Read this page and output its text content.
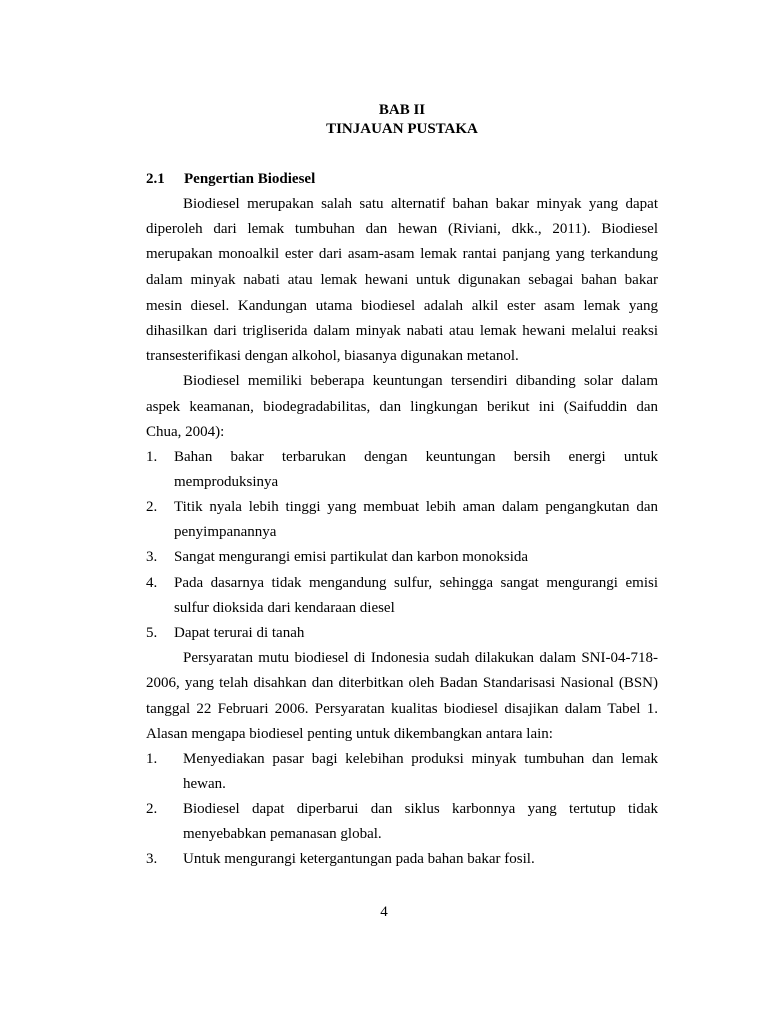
BAB II
TINJAUAN PUSTAKA
2.1 Pengertian Biodiesel
Biodiesel merupakan salah satu alternatif bahan bakar minyak yang dapat
diperoleh dari lemak tumbuhan dan hewan (Riviani, dkk., 2011). Biodiesel
merupakan monoalkil ester dari asam-asam lemak rantai panjang yang terkandung
dalam minyak nabati atau lemak hewani untuk digunakan sebagai bahan bakar
mesin diesel. Kandungan utama biodiesel adalah alkil ester asam lemak yang
dihasilkan dari trigliserida dalam minyak nabati atau lemak hewani melalui reaksi
transesterifikasi dengan alkohol, biasanya digunakan metanol.
Biodiesel memiliki beberapa keuntungan tersendiri dibanding solar dalam
aspek keamanan, biodegradabilitas, dan lingkungan berikut ini (Saifuddin dan
Chua, 2004):
1.	Bahan bakar terbarukan dengan keuntungan bersih energi untuk
memproduksinya
2.	Titik nyala lebih tinggi yang membuat lebih aman dalam pengangkutan dan
penyimpanannya
3.	Sangat mengurangi emisi partikulat dan karbon monoksida
4.	Pada dasarnya tidak mengandung sulfur, sehingga sangat mengurangi emisi
sulfur dioksida dari kendaraan diesel
5.	Dapat terurai di tanah
Persyaratan mutu biodiesel di Indonesia sudah dilakukan dalam SNI-04-718-
2006, yang telah disahkan dan diterbitkan oleh Badan Standarisasi Nasional (BSN)
tanggal 22 Februari 2006. Persyaratan kualitas biodiesel disajikan dalam Tabel 1.
Alasan mengapa biodiesel penting untuk dikembangkan antara lain:
1.	Menyediakan pasar bagi kelebihan produksi minyak tumbuhan dan lemak
hewan.
2.	Biodiesel dapat diperbarui dan siklus karbonnya yang tertutup tidak
menyebabkan pemanasan global.
3.	Untuk mengurangi ketergantungan pada bahan bakar fosil.
4
